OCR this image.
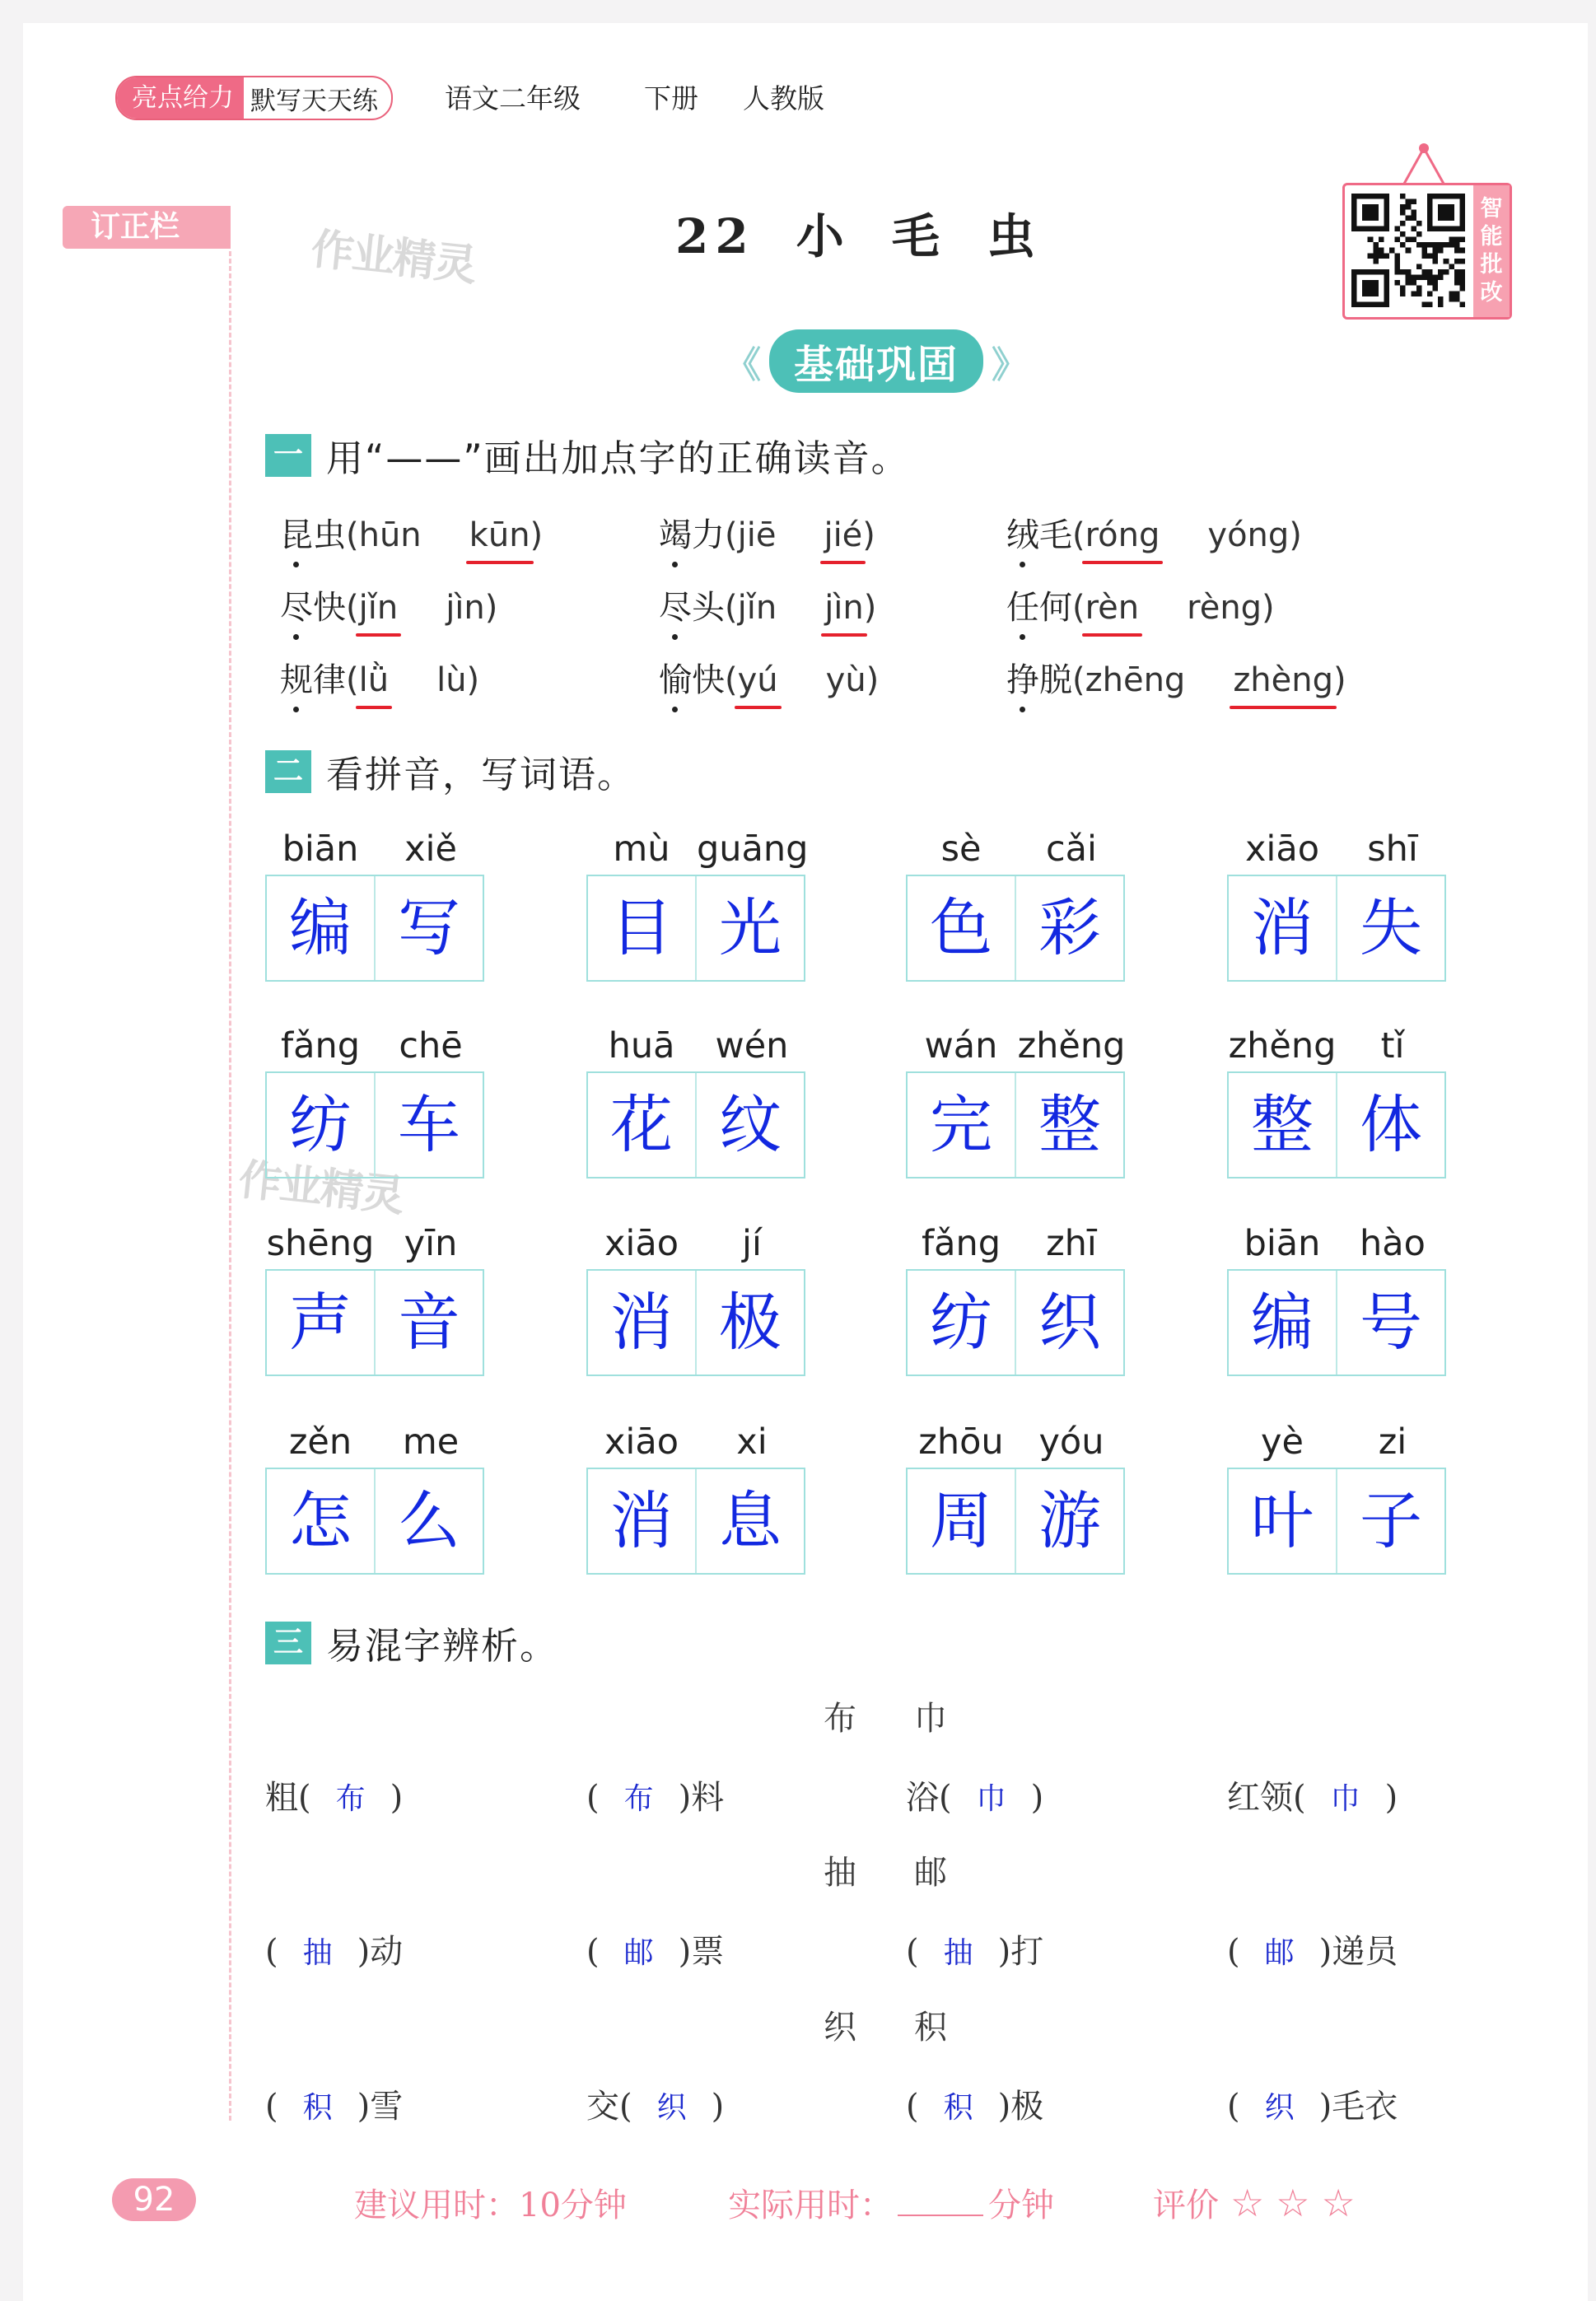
亮点给力 默写天天练	语文二年级 下册 人教版
订正栏	作业精灵
作业精灵
22 小 毛 虫	智
能
批
改
《 基础巩固 》
一 用“——”画出加点字的正确读音。
昆虫(hūn kūn)	竭力(jiē jié)	绒毛(róng yóng)
尽快(jǐn jìn)	尽头(jǐn jìn)	任何(rèn rèng)
规律(lǜ lù)	愉快(yú yù)	挣脱(zhēng zhèng)
二 看拼音，写词语。
biān	xiě
编 写
mù guāng
目 光
sè	cǎi
色 彩
xiāo	shī
消 失
fǎng	chē
纺 车
huā	wén
花 纹
wán zhěng
完 整
zhěng	tǐ
整 体
shēng yīn
声 音
xiāo	jí
消 极
fǎng	zhī
纺 织
biān	hào
编 号
zěn	me
怎 么
xiāo	xi
消 息
zhōu yóu
周 游
yè	zi
叶 子
三 易混字辨析。
布 巾
粗( 布 )	( 布 )料	浴( 巾 )	红领( 巾 )
抽 邮
( 抽 )动	( 邮 )票	( 抽 )打	( 邮 )递员
织 积
( 积 )雪	交( 织 )	( 积 )极	( 织 )毛衣
92	建议用时：10分钟	实际用时：	分钟	评价 ☆ ☆ ☆
